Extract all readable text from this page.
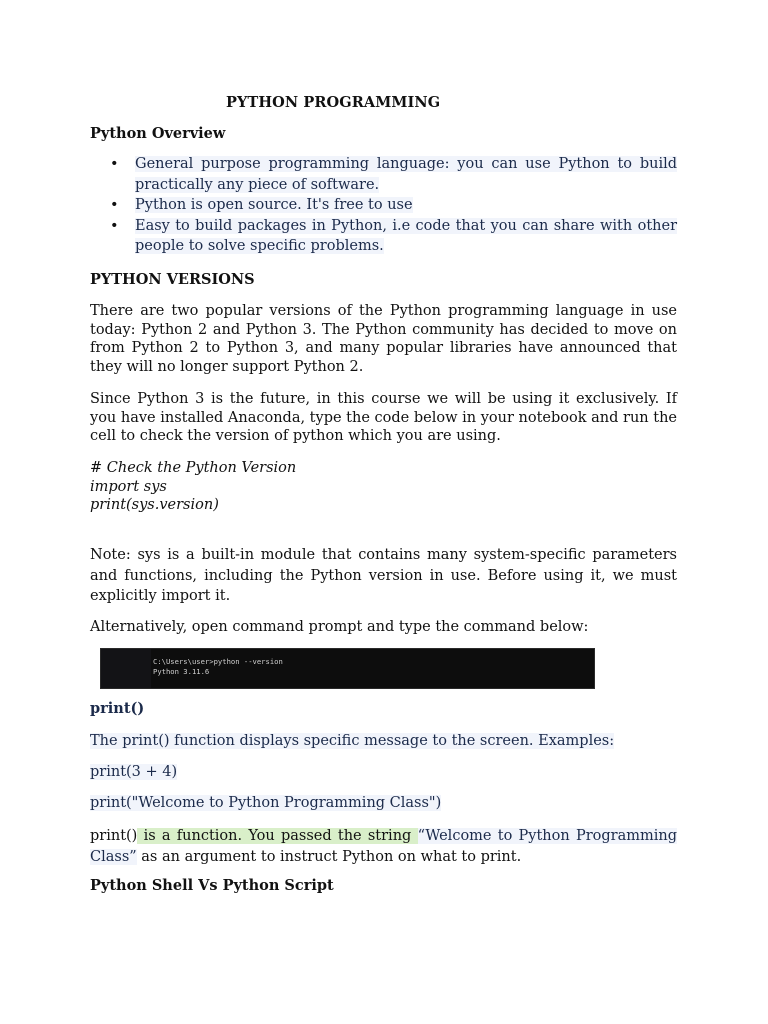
PYTHON PROGRAMMING
Python Overview
• General purpose programming language: you can use Python to build practically any piece of software.
• Python is open source. It's free to use
• Easy to build packages in Python, i.e code that you can share with other people to solve specific problems.
PYTHON VERSIONS
There are two popular versions of the Python programming language in use today: Python 2 and Python 3. The Python community has decided to move on from Python 2 to Python 3, and many popular libraries have announced that they will no longer support Python 2.
Since Python 3 is the future, in this course we will be using it exclusively. If you have installed Anaconda, type the code below in your notebook and run the cell to check the version of python which you are using.
# Check the Python Version
import sys
print(sys.version)
Note: sys is a built-in module that contains many system-specific parameters and functions, including the Python version in use. Before using it, we must explicitly import it.
Alternatively, open command prompt and type the command below:
C:\Users\user>python --version
Python 3.11.6
print()
The print() function displays specific message to the screen. Examples:
print(3 + 4)
print("Welcome to Python Programming Class")
print() is a function. You passed the string “Welcome to Python Programming Class” as an argument to instruct Python on what to print.
Python Shell Vs Python Script
